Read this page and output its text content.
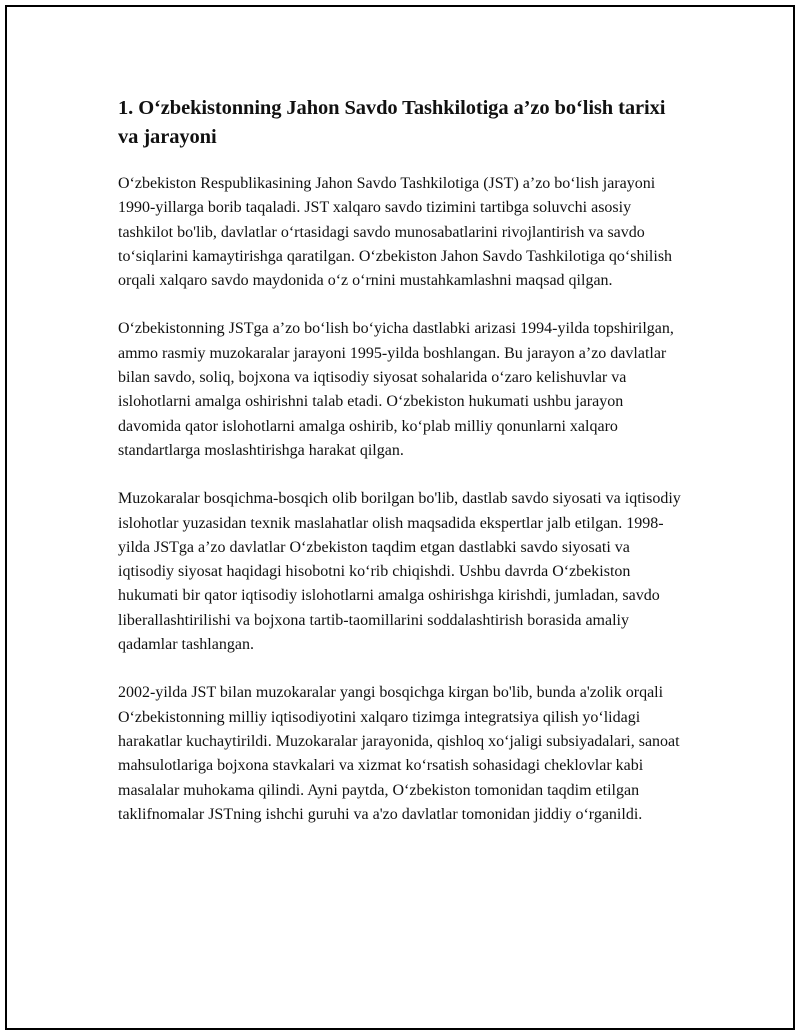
1. O‘zbekistonning Jahon Savdo Tashkilotiga a’zo bo‘lish tarixi va jarayoni

O‘zbekiston Respublikasining Jahon Savdo Tashkilotiga (JST) a’zo bo‘lish jarayoni 1990-yillarga borib taqaladi. JST xalqaro savdo tizimini tartibga soluvchi asosiy tashkilot bo'lib, davlatlar o‘rtasidagi savdo munosabatlarini rivojlantirish va savdo to‘siqlarini kamaytirishga qaratilgan. O‘zbekiston Jahon Savdo Tashkilotiga qo‘shilish orqali xalqaro savdo maydonida o‘z o‘rnini mustahkamlashni maqsad qilgan.

O‘zbekistonning JSTga a’zo bo‘lish bo‘yicha dastlabki arizasi 1994-yilda topshirilgan, ammo rasmiy muzokaralar jarayoni 1995-yilda boshlangan. Bu jarayon a’zo davlatlar bilan savdo, soliq, bojxona va iqtisodiy siyosat sohalarida o‘zaro kelishuvlar va islohotlarni amalga oshirishni talab etadi. O‘zbekiston hukumati ushbu jarayon davomida qator islohotlarni amalga oshirib, ko‘plab milliy qonunlarni xalqaro standartlarga moslashtirishga harakat qilgan.

Muzokaralar bosqichma-bosqich olib borilgan bo'lib, dastlab savdo siyosati va iqtisodiy islohotlar yuzasidan texnik maslahatlar olish maqsadida ekspertlar jalb etilgan. 1998-yilda JSTga a’zo davlatlar O‘zbekiston taqdim etgan dastlabki savdo siyosati va iqtisodiy siyosat haqidagi hisobotni ko‘rib chiqishdi. Ushbu davrda O‘zbekiston hukumati bir qator iqtisodiy islohotlarni amalga oshirishga kirishdi, jumladan, savdo liberallashtirilishi va bojxona tartib-taomillarini soddalashtirish borasida amaliy qadamlar tashlangan.

2002-yilda JST bilan muzokaralar yangi bosqichga kirgan bo'lib, bunda a'zolik orqali O‘zbekistonning milliy iqtisodiyotini xalqaro tizimga integratsiya qilish yo‘lidagi harakatlar kuchaytirildi. Muzokaralar jarayonida, qishloq xo‘jaligi subsiyadalari, sanoat mahsulotlariga bojxona stavkalari va xizmat ko‘rsatish sohasidagi cheklovlar kabi masalalar muhokama qilindi. Ayni paytda, O‘zbekiston tomonidan taqdim etilgan taklifnomalar JSTning ishchi guruhi va a'zo davlatlar tomonidan jiddiy o‘rganildi.
